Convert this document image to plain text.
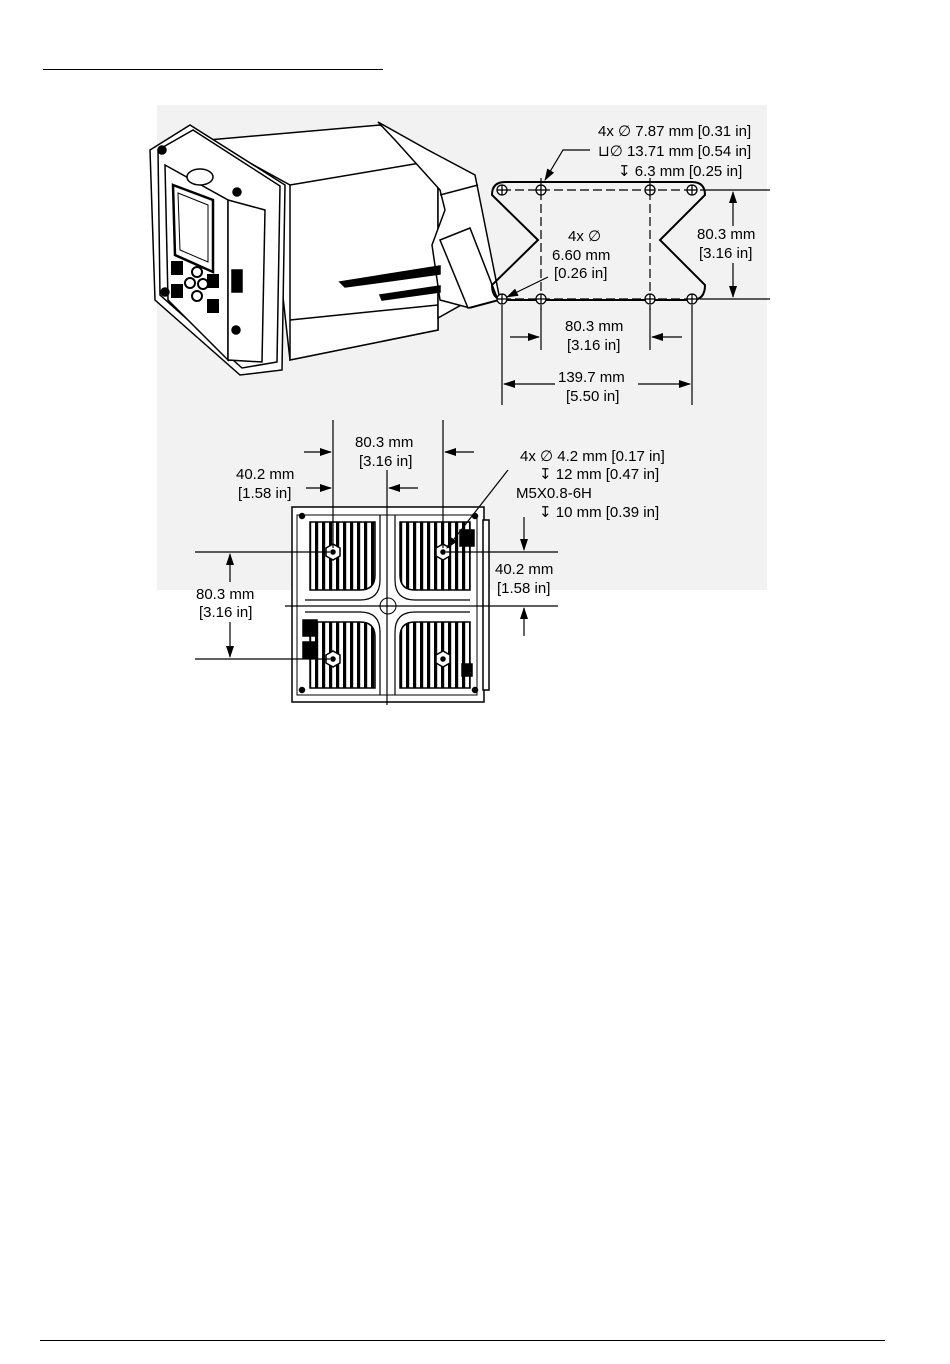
4x ∅ 7.87 mm [0.31 in]
⊔∅ 13.71 mm [0.54 in]
↧ 6.3 mm [0.25 in]
4x ∅
6.60 mm
[0.26 in]
80.3 mm
[3.16 in]
80.3 mm
[3.16 in]
139.7 mm
[5.50 in]
80.3 mm
[3.16 in]
40.2 mm
[1.58 in]
80.3 mm
[3.16 in]
40.2 mm
[1.58 in]
4x ∅ 4.2 mm [0.17 in]
↧ 12 mm [0.47 in]
M5X0.8-6H
↧ 10 mm [0.39 in]
